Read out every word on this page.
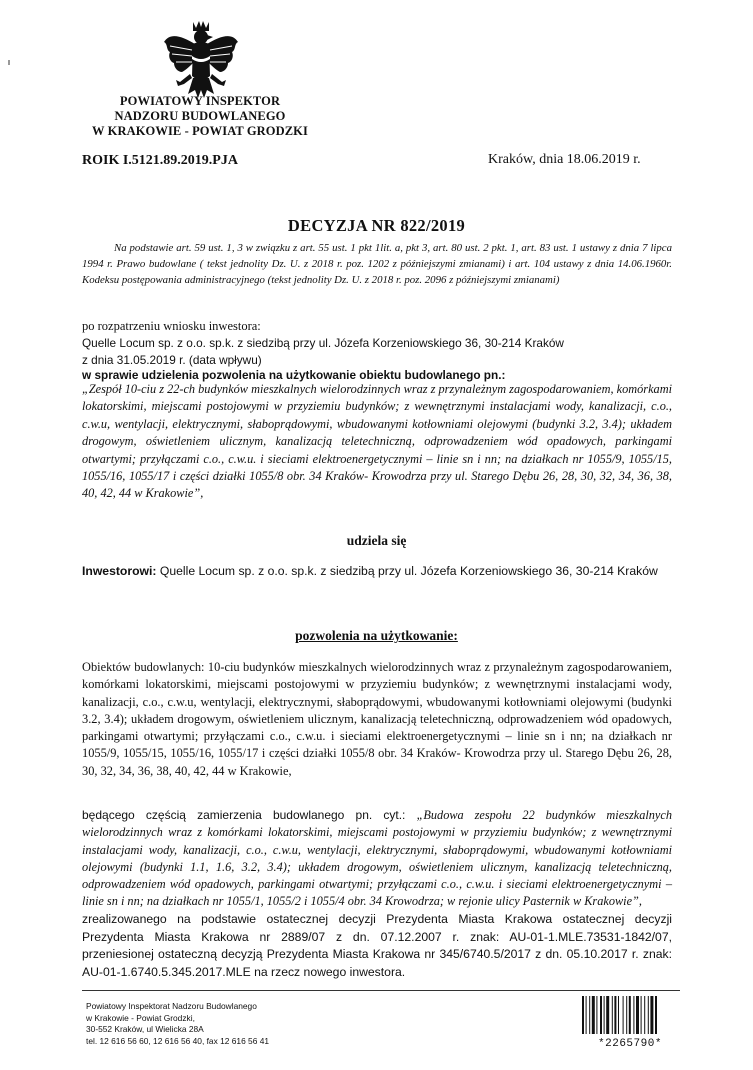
POWIATOWY INSPEKTOR
NADZORU BUDOWLANEGO
W KRAKOWIE - POWIAT GRODZKI
ROIK I.5121.89.2019.PJA	Kraków, dnia 18.06.2019 r.
DECYZJA NR 822/2019
Na podstawie art. 59 ust. 1, 3 w związku z art. 55 ust. 1 pkt 1lit. a, pkt 3, art. 80 ust. 2 pkt. 1, art. 83 ust. 1 ustawy z dnia 7 lipca 1994 r. Prawo budowlane ( tekst jednolity Dz. U. z 2018 r. poz. 1202 z późniejszymi zmianami) i art. 104 ustawy z dnia 14.06.1960r. Kodeksu postępowania administracyjnego (tekst jednolity Dz. U. z 2018 r. poz. 2096 z późniejszymi zmianami)
po rozpatrzeniu wniosku inwestora:
Quelle Locum sp. z o.o. sp.k. z siedzibą przy ul. Józefa Korzeniowskiego 36, 30-214 Kraków
z dnia 31.05.2019 r. (data wpływu)
w sprawie udzielenia pozwolenia na użytkowanie obiektu budowlanego pn.:
„Zespół 10-ciu z 22-ch budynków mieszkalnych wielorodzinnych wraz z przynależnym zagospodarowaniem, komórkami lokatorskimi, miejscami postojowymi w przyziemiu budynków; z wewnętrznymi instalacjami wody, kanalizacji, c.o., c.w.u, wentylacji, elektrycznymi, słaboprądowymi, wbudowanymi kotłowniami olejowymi (budynki 3.2, 3.4); układem drogowym, oświetleniem ulicznym, kanalizacją teletechniczną, odprowadzeniem wód opadowych, parkingami otwartymi; przyłączami c.o., c.w.u. i sieciami elektroenergetycznymi – linie sn i nn; na działkach nr 1055/9, 1055/15, 1055/16, 1055/17 i części działki 1055/8 obr. 34 Kraków- Krowodrza przy ul. Starego Dębu 26, 28, 30, 32, 34, 36, 38, 40, 42, 44 w Krakowie”,
udziela się
Inwestorowi: Quelle Locum sp. z o.o. sp.k. z siedzibą przy ul. Józefa Korzeniowskiego 36, 30-214 Kraków
pozwolenia na użytkowanie:
Obiektów budowlanych: 10-ciu budynków mieszkalnych wielorodzinnych wraz z przynależnym zagospodarowaniem, komórkami lokatorskimi, miejscami postojowymi w przyziemiu budynków; z wewnętrznymi instalacjami wody, kanalizacji, c.o., c.w.u, wentylacji, elektrycznymi, słaboprądowymi, wbudowanymi kotłowniami olejowymi (budynki 3.2, 3.4); układem drogowym, oświetleniem ulicznym, kanalizacją teletechniczną, odprowadzeniem wód opadowych, parkingami otwartymi; przyłączami c.o., c.w.u. i sieciami elektroenergetycznymi – linie sn i nn; na działkach nr 1055/9, 1055/15, 1055/16, 1055/17 i części działki 1055/8 obr. 34 Kraków- Krowodrza przy ul. Starego Dębu 26, 28, 30, 32, 34, 36, 38, 40, 42, 44 w Krakowie,
będącego częścią zamierzenia budowlanego pn. cyt.: „Budowa zespołu 22 budynków mieszkalnych wielorodzinnych wraz z komórkami lokatorskimi, miejscami postojowymi w przyziemiu budynków; z wewnętrznymi instalacjami wody, kanalizacji, c.o., c.w.u, wentylacji, elektrycznymi, słaboprądowymi, wbudowanymi kotłowniami olejowymi (budynki 1.1, 1.6, 3.2, 3.4); układem drogowym, oświetleniem ulicznym, kanalizacją teletechniczną, odprowadzeniem wód opadowych, parkingami otwartymi; przyłączami c.o., c.w.u. i sieciami elektroenergetycznymi – linie sn i nn; na działkach nr 1055/1, 1055/2 i 1055/4 obr. 34 Krowodrza; w rejonie ulicy Pasternik w Krakowie”,
zrealizowanego na podstawie ostatecznej decyzji Prezydenta Miasta Krakowa ostatecznej decyzji Prezydenta Miasta Krakowa nr 2889/07 z dn. 07.12.2007 r. znak: AU-01-1.MLE.73531-1842/07, przeniesionej ostateczną decyzją Prezydenta Miasta Krakowa nr 345/6740.5/2017 z dn. 05.10.2017 r. znak: AU-01-1.6740.5.345.2017.MLE na rzecz nowego inwestora.
Powiatowy Inspektorat Nadzoru Budowlanego
w Krakowie - Powiat Grodzki,
30-552 Kraków, ul Wielicka 28A
tel. 12 616 56 60, 12 616 56 40, fax 12 616 56 41	*2265790*
